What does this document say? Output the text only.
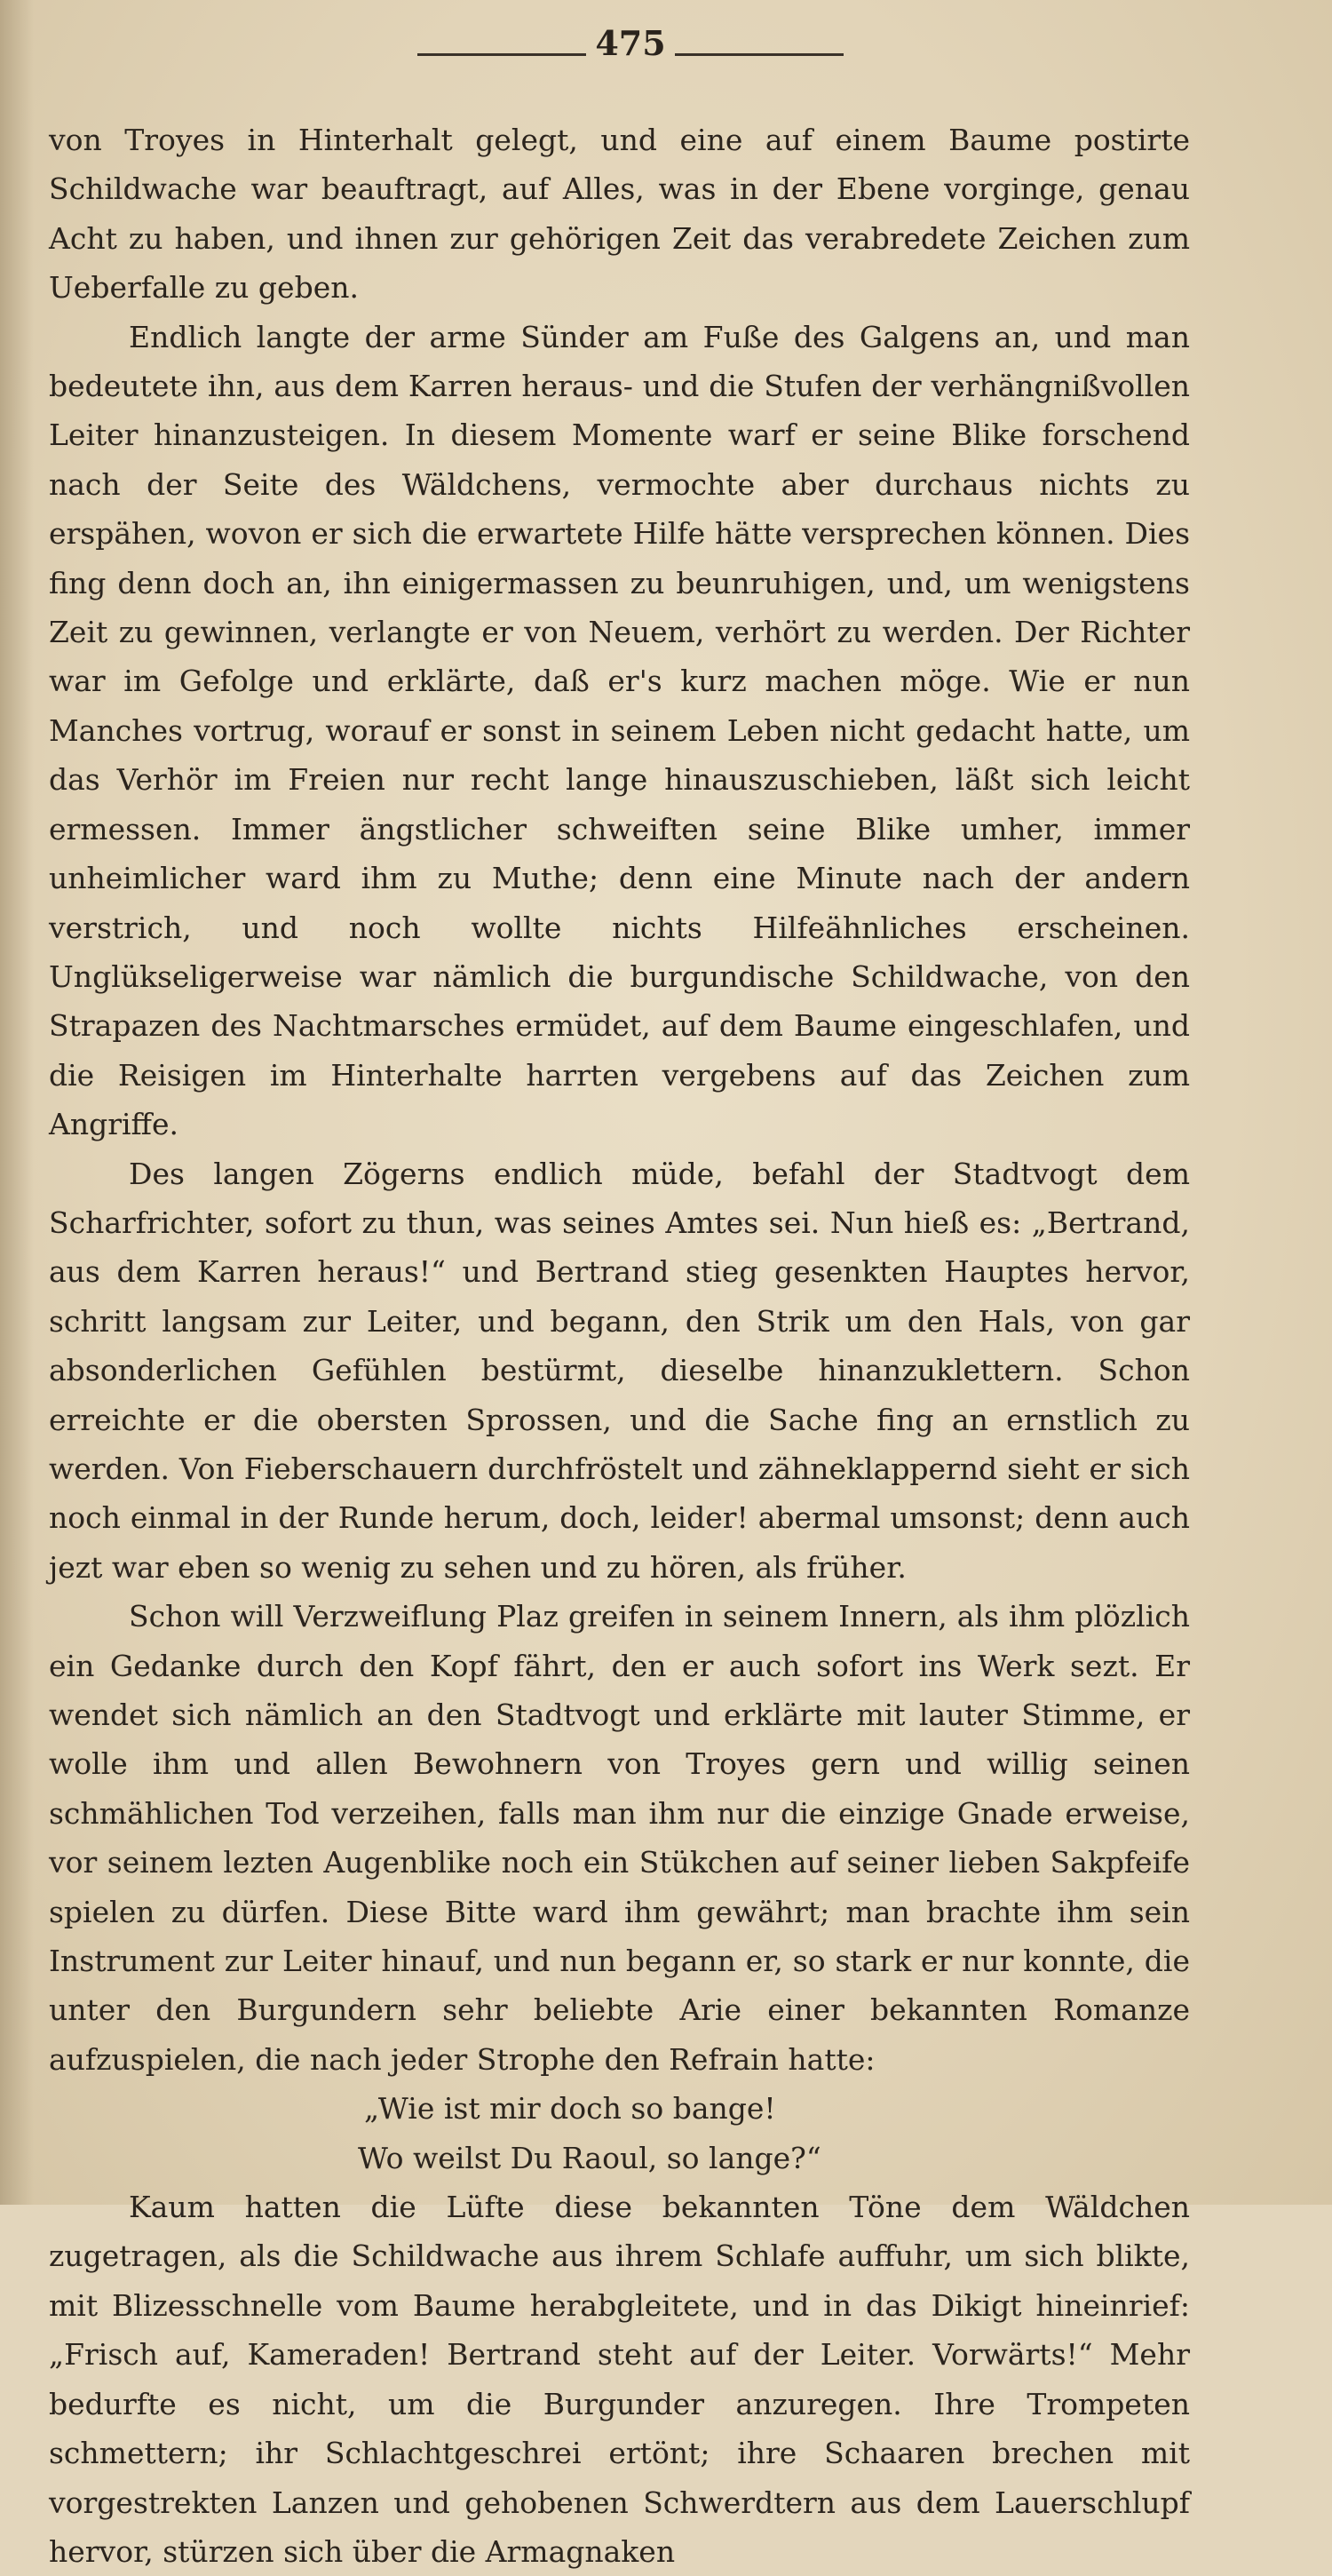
475

von Troyes in Hinterhalt gelegt, und eine auf einem Baume postirte Schildwache war beauftragt, auf Alles, was in der Ebene vorginge, genau Acht zu haben, und ihnen zur gehörigen Zeit das verabredete Zeichen zum Ueberfalle zu geben.

Endlich langte der arme Sünder am Fuße des Galgens an, und man bedeutete ihn, aus dem Karren heraus- und die Stufen der verhängnißvollen Leiter hinanzusteigen. In diesem Momente warf er seine Blike forschend nach der Seite des Wäldchens, vermochte aber durchaus nichts zu erspähen, wovon er sich die erwartete Hilfe hätte versprechen können. Dies fing denn doch an, ihn einigermassen zu beunruhigen, und, um wenigstens Zeit zu gewinnen, verlangte er von Neuem, verhört zu werden. Der Richter war im Gefolge und erklärte, daß er's kurz machen möge. Wie er nun Manches vortrug, worauf er sonst in seinem Leben nicht gedacht hatte, um das Verhör im Freien nur recht lange hinauszuschieben, läßt sich leicht ermessen. Immer ängstlicher schweiften seine Blike umher, immer unheimlicher ward ihm zu Muthe; denn eine Minute nach der andern verstrich, und noch wollte nichts Hilfeähnliches erscheinen. Unglükseligerweise war nämlich die burgundische Schildwache, von den Strapazen des Nachtmarsches ermüdet, auf dem Baume eingeschlafen, und die Reisigen im Hinterhalte harrten vergebens auf das Zeichen zum Angriffe.

Des langen Zögerns endlich müde, befahl der Stadtvogt dem Scharfrichter, sofort zu thun, was seines Amtes sei. Nun hieß es: „Bertrand, aus dem Karren heraus!“ und Bertrand stieg gesenkten Hauptes hervor, schritt langsam zur Leiter, und begann, den Strik um den Hals, von gar absonderlichen Gefühlen bestürmt, dieselbe hinanzuklettern. Schon erreichte er die obersten Sprossen, und die Sache fing an ernstlich zu werden. Von Fieberschauern durchfröstelt und zähneklappernd sieht er sich noch einmal in der Runde herum, doch, leider! abermal umsonst; denn auch jezt war eben so wenig zu sehen und zu hören, als früher.

Schon will Verzweiflung Plaz greifen in seinem Innern, als ihm plözlich ein Gedanke durch den Kopf fährt, den er auch sofort ins Werk sezt. Er wendet sich nämlich an den Stadtvogt und erklärte mit lauter Stimme, er wolle ihm und allen Bewohnern von Troyes gern und willig seinen schmählichen Tod verzeihen, falls man ihm nur die einzige Gnade erweise, vor seinem lezten Augenblike noch ein Stükchen auf seiner lieben Sakpfeife spielen zu dürfen. Diese Bitte ward ihm gewährt; man brachte ihm sein Instrument zur Leiter hinauf, und nun begann er, so stark er nur konnte, die unter den Burgundern sehr beliebte Arie einer bekannten Romanze aufzuspielen, die nach jeder Strophe den Refrain hatte:

„Wie ist mir doch so bange!

Wo weilst Du Raoul, so lange?“

Kaum hatten die Lüfte diese bekannten Töne dem Wäldchen zugetragen, als die Schildwache aus ihrem Schlafe auffuhr, um sich blikte, mit Blizesschnelle vom Baume herabgleitete, und in das Dikigt hineinrief: „Frisch auf, Kameraden! Bertrand steht auf der Leiter. Vorwärts!“ Mehr bedurfte es nicht, um die Burgunder anzuregen. Ihre Trompeten schmettern; ihr Schlachtgeschrei ertönt; ihre Schaaren brechen mit vorgestrekten Lanzen und gehobenen Schwerdtern aus dem Lauerschlupf hervor, stürzen sich über die Armagnaken
